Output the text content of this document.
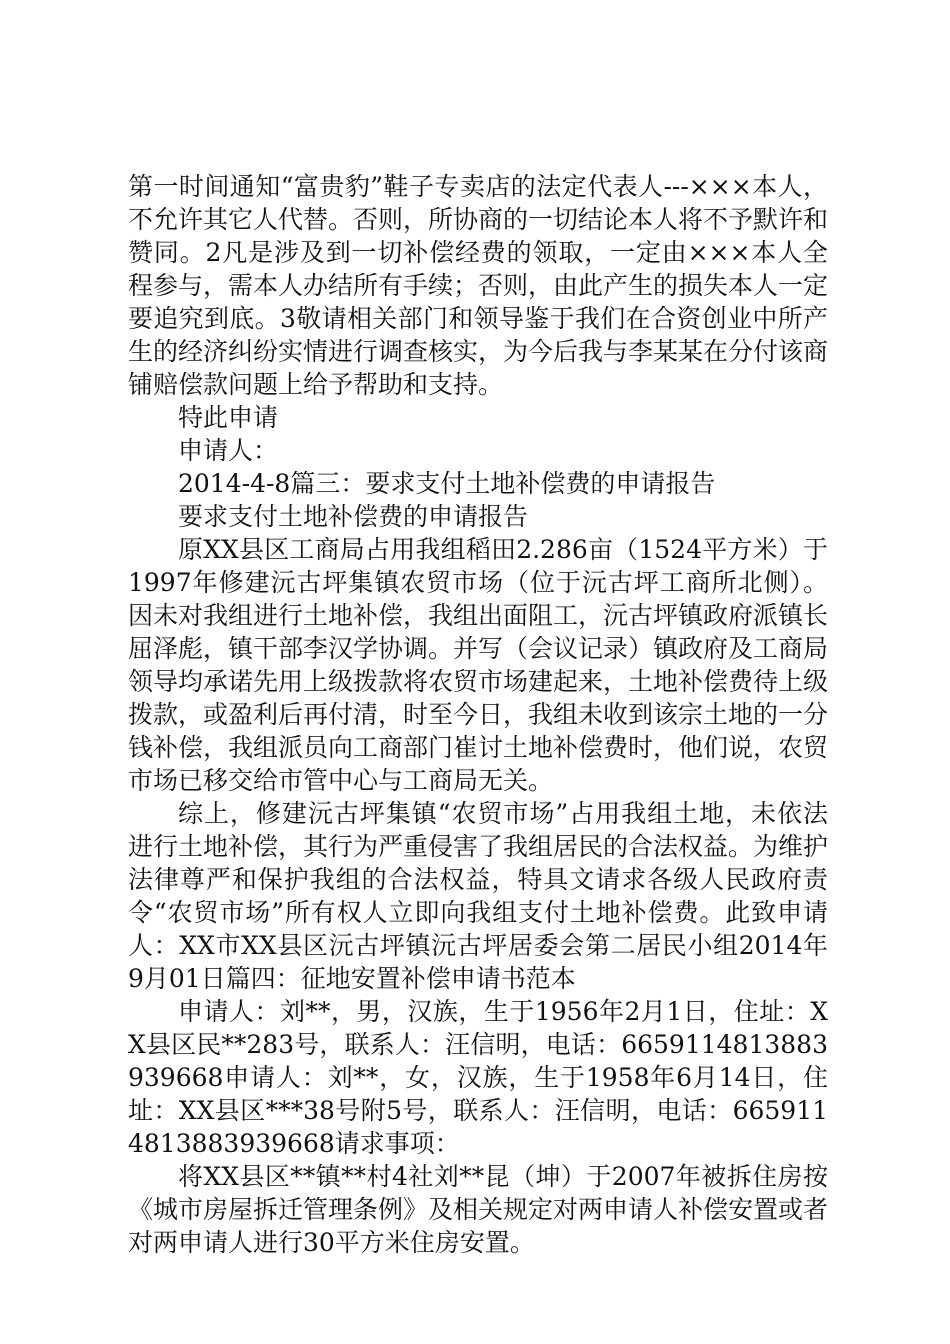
第一时间通知“富贵豹”鞋子专卖店的法定代表人---×××本人，不允许其它人代替。否则，所协商的一切结论本人将不予默许和赞同。2凡是涉及到一切补偿经费的领取，一定由×××本人全程参与，需本人办结所有手续；否则，由此产生的损失本人一定要追究到底。3敬请相关部门和领导鉴于我们在合资创业中所产生的经济纠纷实情进行调查核实，为今后我与李某某在分付该商铺赔偿款问题上给予帮助和支持。

特此申请

申请人：

2014-4-8篇三：要求支付土地补偿费的申请报告

要求支付土地补偿费的申请报告

原XX县区工商局占用我组稻田2.286亩（1524平方米）于1997年修建沅古坪集镇农贸市场（位于沅古坪工商所北侧）。因未对我组进行土地补偿，我组出面阻工，沅古坪镇政府派镇长屈泽彪，镇干部李汉学协调。并写（会议记录）镇政府及工商局领导均承诺先用上级拨款将农贸市场建起来，土地补偿费待上级拨款，或盈利后再付清，时至今日，我组未收到该宗土地的一分钱补偿，我组派员向工商部门崔讨土地补偿费时，他们说，农贸市场已移交给市管中心与工商局无关。

综上，修建沅古坪集镇“农贸市场”占用我组土地，未依法进行土地补偿，其行为严重侵害了我组居民的合法权益。为维护法律尊严和保护我组的合法权益，特具文请求各级人民政府责令“农贸市场”所有权人立即向我组支付土地补偿费。此致申请人：XX市XX县区沅古坪镇沅古坪居委会第二居民小组2014年9月01日篇四：征地安置补偿申请书范本

申请人：刘**，男，汉族，生于1956年2月1日，住址：XX县区民**283号，联系人：汪信明，电话：6659114813883939668申请人：刘**，女，汉族，生于1958年6月14日，住址：XX县区***38号附5号，联系人：汪信明，电话：6659114813883939668请求事项：

将XX县区**镇**村4社刘**昆（坤）于2007年被拆住房按《城市房屋拆迁管理条例》及相关规定对两申请人补偿安置或者对两申请人进行30平方米住房安置。
